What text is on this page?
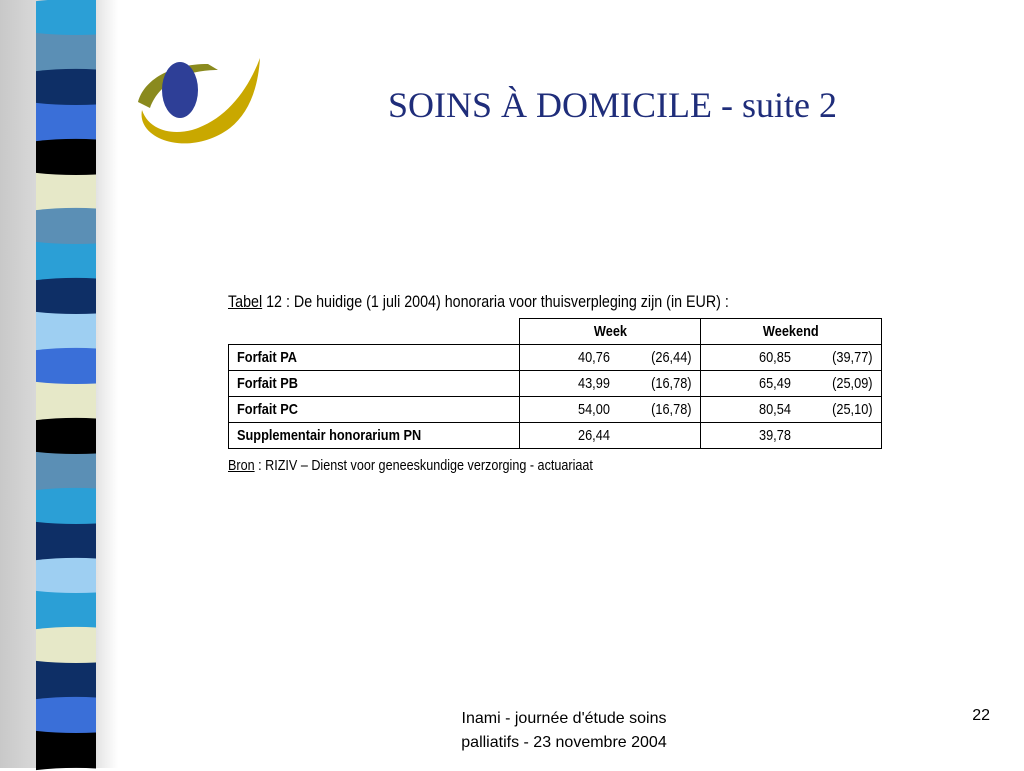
SOINS À DOMICILE - suite 2
Tabel 12 : De huidige (1 juli 2004) honoraria voor thuisverpleging zijn (in EUR) :
	Week	Weekend
Forfait PA	40,76 (26,44)	60,85 (39,77)

Forfait PB	43,99 (16,78)	65,49 (25,09)

Forfait PC	54,00 (16,78)	80,54 (25,10)

Supplementair honorarium PN	26,44	39,78
Bron : RIZIV – Dienst voor geneeskundige verzorging - actuariaat
Inami - journée d'étude soins
palliatifs - 23 novembre 2004
22
